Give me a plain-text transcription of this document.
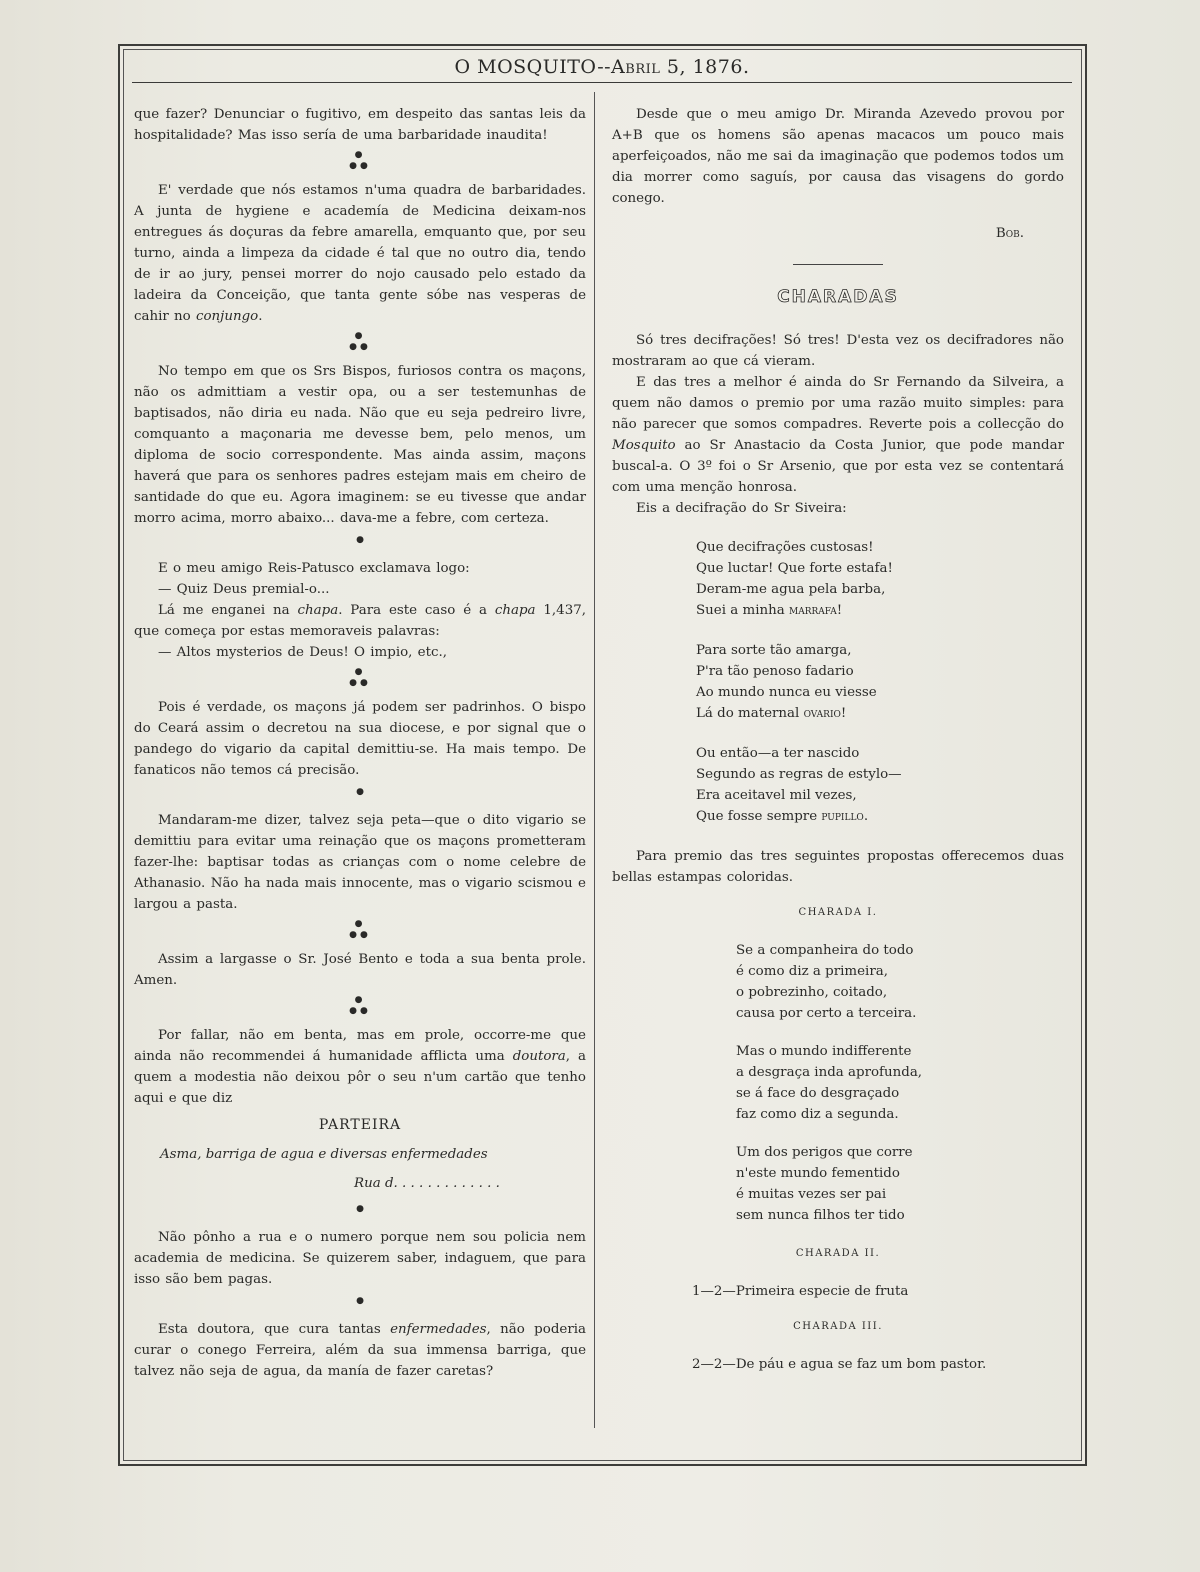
O MOSQUITO--Abril 5, 1876.

que fazer? Denunciar o fugitivo, em despeito das santas leis da hospitalidade? Mas isso sería de uma barbaridade inaudita!

●
●●

E' verdade que nós estamos n'uma quadra de barbaridades. A junta de hygiene e academía de Medicina deixam-nos entregues ás doçuras da febre amarella, emquanto que, por seu turno, ainda a limpeza da cidade é tal que no outro dia, tendo de ir ao jury, pensei morrer do nojo causado pelo estado da ladeira da Conceição, que tanta gente sóbe nas vesperas de cahir no conjungo.

●
●●

No tempo em que os Srs Bispos, furiosos contra os maçons, não os admittiam a vestir opa, ou a ser testemunhas de baptisados, não diria eu nada. Não que eu seja pedreiro livre, comquanto a maçonaria me devesse bem, pelo menos, um diploma de socio correspondente. Mas ainda assim, maçons haverá que para os senhores padres estejam mais em cheiro de santidade do que eu. Agora imaginem: se eu tivesse que andar morro acima, morro abaixo... dava-me a febre, com certeza.

●

E o meu amigo Reis-Patusco exclamava logo:

— Quiz Deus premial-o...

Lá me enganei na chapa. Para este caso é a chapa 1,437, que começa por estas memoraveis palavras:

— Altos mysterios de Deus! O impio, etc.,

●
●●

Pois é verdade, os maçons já podem ser padrinhos. O bispo do Ceará assim o decretou na sua diocese, e por signal que o pandego do vigario da capital demittiu-se. Ha mais tempo. De fanaticos não temos cá precisão.

●

Mandaram-me dizer, talvez seja peta—que o dito vigario se demittiu para evitar uma reinação que os maçons prometteram fazer-lhe: baptisar todas as crianças com o nome celebre de Athanasio. Não ha nada mais innocente, mas o vigario scismou e largou a pasta.

●
●●

Assim a largasse o Sr. José Bento e toda a sua benta prole. Amen.

●
●●

Por fallar, não em benta, mas em prole, occorre-me que ainda não recommendei á humanidade afflicta uma doutora, a quem a modestia não deixou pôr o seu n'um cartão que tenho aqui e que diz

PARTEIRA
Asma, barriga de agua e diversas enfermedades
Rua d. . . . . . . . . . . . .
●

Não pônho a rua e o numero porque nem sou policia nem academia de medicina. Se quizerem saber, indaguem, que para isso são bem pagas.

●

Esta doutora, que cura tantas enfermedades, não poderia curar o conego Ferreira, além da sua immensa barriga, que talvez não seja de agua, da manía de fazer caretas?

Desde que o meu amigo Dr. Miranda Azevedo provou por A+B que os homens são apenas macacos um pouco mais aperfeiçoados, não me sai da imaginação que podemos todos um dia morrer como saguís, por causa das visagens do gordo conego.

Bob.
CHARADAS

Só tres decifrações! Só tres! D'esta vez os decifradores não mostraram ao que cá vieram.

E das tres a melhor é ainda do Sr Fernando da Silveira, a quem não damos o premio por uma razão muito simples: para não parecer que somos compadres. Reverte pois a collecção do Mosquito ao Sr Anastacio da Costa Junior, que pode mandar buscal-a. O 3º foi o Sr Arsenio, que por esta vez se contentará com uma menção honrosa.

Eis a decifração do Sr Siveira:

Que decifrações custosas!
Que luctar! Que forte estafa!
Deram-me agua pela barba,
Suei a minha marrafa!
Para sorte tão amarga,
P'ra tão penoso fadario
Ao mundo nunca eu viesse
Lá do maternal ovario!
Ou então—a ter nascido
Segundo as regras de estylo—
Era aceitavel mil vezes,
Que fosse sempre pupillo.

Para premio das tres seguintes propostas offerecemos duas bellas estampas coloridas.

CHARADA I.
Se a companheira do todo
é como diz a primeira,
o pobrezinho, coitado,
causa por certo a terceira.
Mas o mundo indifferente
a desgraça inda aprofunda,
se á face do desgraçado
faz como diz a segunda.
Um dos perigos que corre
n'este mundo fementido
é muitas vezes ser pai
sem nunca filhos ter tido
CHARADA II.
1—2—Primeira especie de fruta
CHARADA III.
2—2—De páu e agua se faz um bom pastor.
